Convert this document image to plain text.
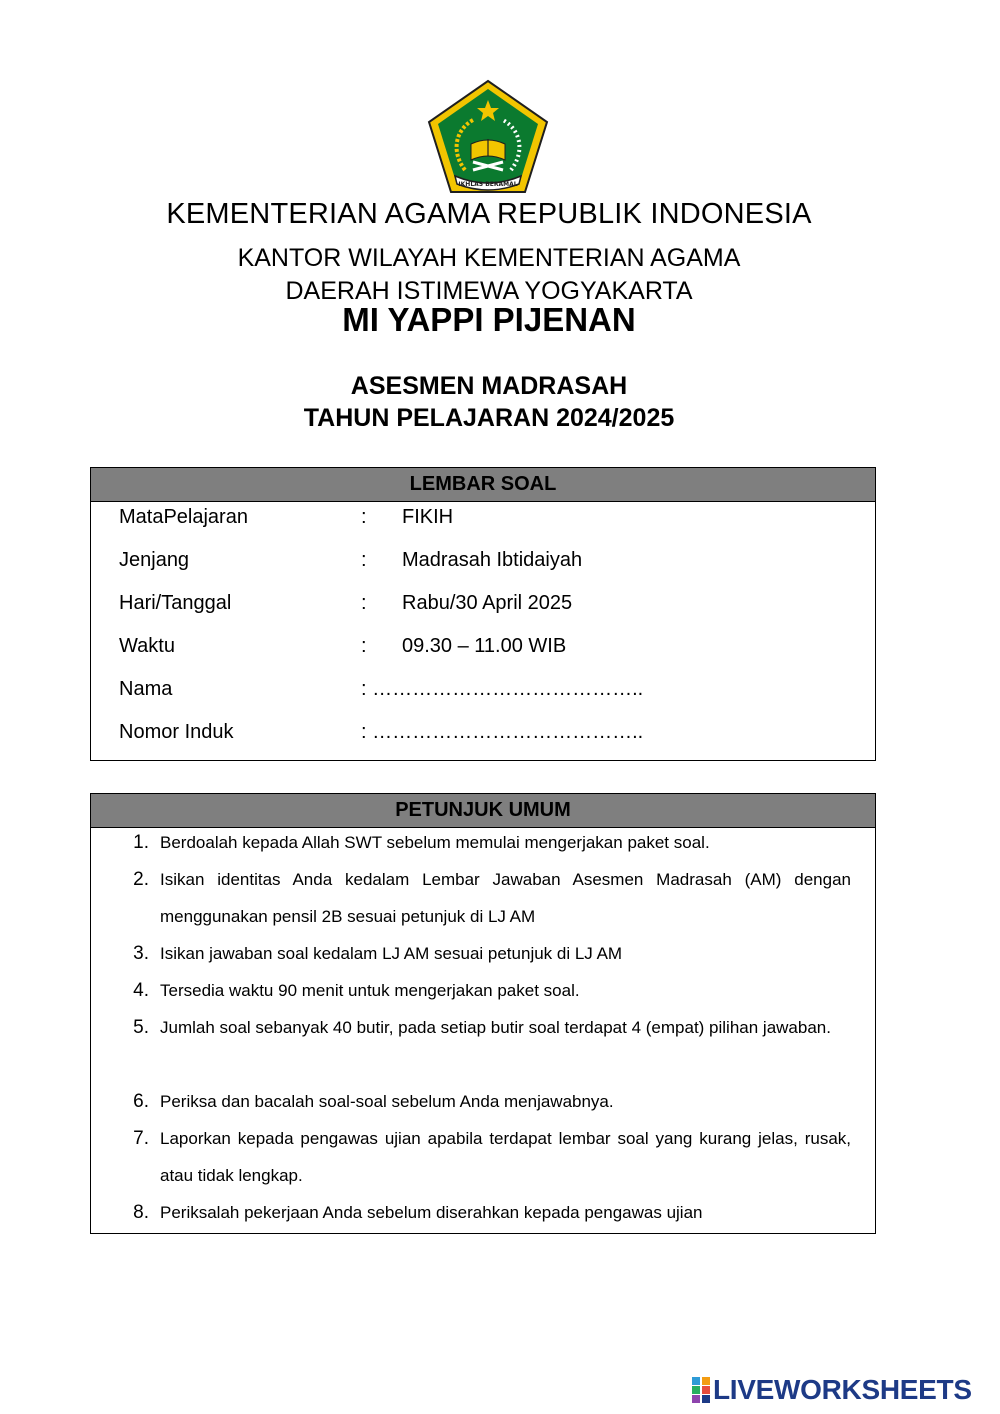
IKHLAS BERAMAL
KEMENTERIAN AGAMA REPUBLIK INDONESIA
KANTOR WILAYAH KEMENTERIAN AGAMA
DAERAH ISTIMEWA YOGYAKARTA
MI YAPPI PIJENAN
ASESMEN MADRASAH
TAHUN PELAJARAN 2024/2025
LEMBAR SOAL
MataPelajaran	: FIKIH
Jenjang	: Madrasah Ibtidaiyah
Hari/Tanggal	: Rabu/30 April 2025
Waktu	: 09.30 – 11.00 WIB
Nama	: …………………………………..
Nomor Induk	: …………………………………..
PETUNJUK UMUM
1. Berdoalah kepada Allah SWT sebelum memulai mengerjakan paket soal.
2. Isikan identitas Anda kedalam Lembar Jawaban Asesmen Madrasah (AM) dengan menggunakan pensil 2B sesuai petunjuk di LJ AM
3. Isikan jawaban soal kedalam LJ AM sesuai petunjuk di LJ AM
4. Tersedia waktu 90 menit untuk mengerjakan paket soal.
5. Jumlah soal sebanyak 40 butir, pada setiap butir soal terdapat 4 (empat) pilihan jawaban.
6. Periksa dan bacalah soal-soal sebelum Anda menjawabnya.
7. Laporkan kepada pengawas ujian apabila terdapat lembar soal yang kurang jelas, rusak, atau tidak lengkap.
8. Periksalah pekerjaan Anda sebelum diserahkan kepada pengawas ujian
LIVEWORKSHEETS
